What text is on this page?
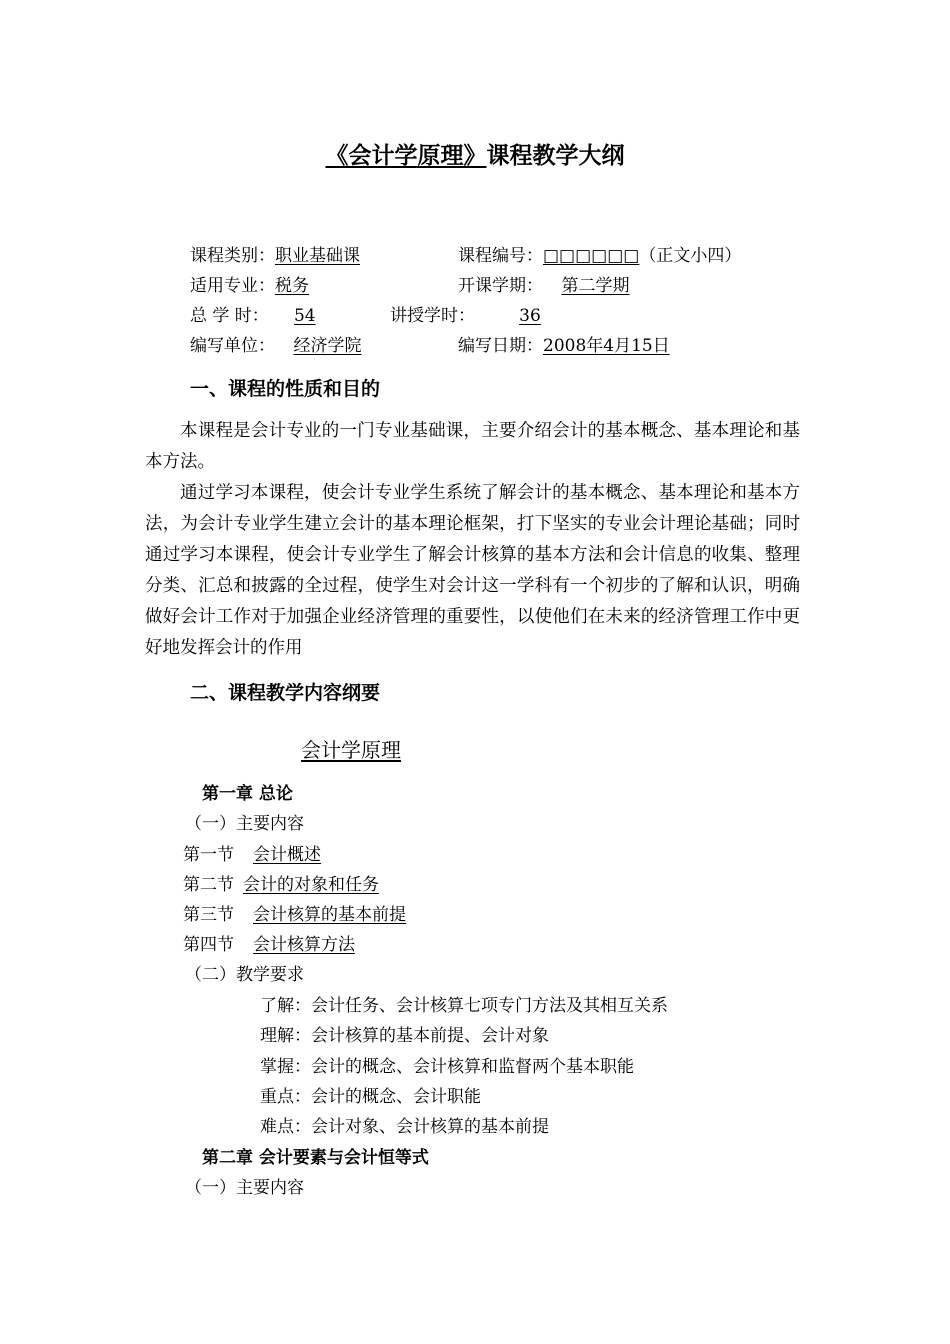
《会计学原理》课程教学大纲
课程类别：职业基础课	课程编号：□□□□□□（正文小四）
适用专业：税务	开课学期： 第二学期
总 学 时： 54	讲授学时：	36
编写单位： 经济学院	编写日期：2008年4月15日
一、课程的性质和目的
本课程是会计专业的一门专业基础课，主要介绍会计的基本概念、基本理论和基本方法。
通过学习本课程，使会计专业学生系统了解会计的基本概念、基本理论和基本方法，为会计专业学生建立会计的基本理论框架，打下坚实的专业会计理论基础；同时通过学习本课程，使会计专业学生了解会计核算的基本方法和会计信息的收集、整理分类、汇总和披露的全过程，使学生对会计这一学科有一个初步的了解和认识，明确做好会计工作对于加强企业经济管理的重要性，以使他们在未来的经济管理工作中更好地发挥会计的作用
二、课程教学内容纲要
会计学原理
第一章 总论
（一）主要内容
第一节 会计概述
第二节 会计的对象和任务
第三节 会计核算的基本前提
第四节 会计核算方法
（二）教学要求
了解：会计任务、会计核算七项专门方法及其相互关系
理解：会计核算的基本前提、会计对象
掌握：会计的概念、会计核算和监督两个基本职能
重点：会计的概念、会计职能
难点：会计对象、会计核算的基本前提
第二章 会计要素与会计恒等式
（一）主要内容
